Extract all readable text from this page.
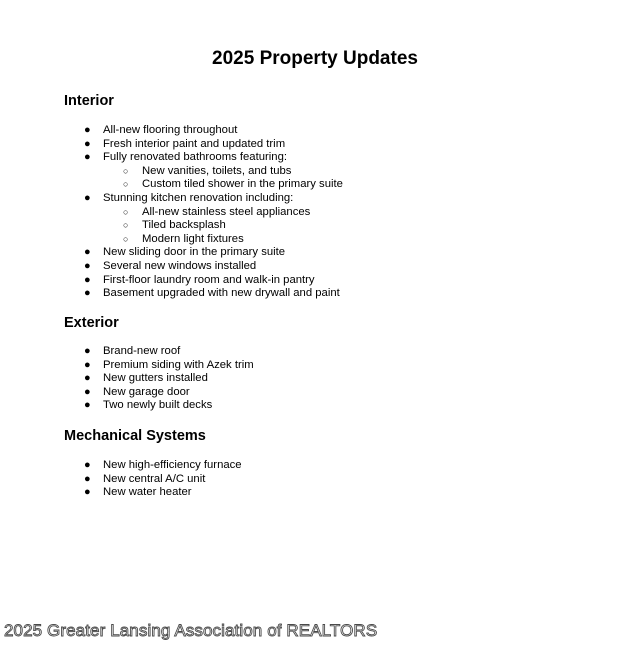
2025 Property Updates
Interior
● All-new flooring throughout
● Fresh interior paint and updated trim
● Fully renovated bathrooms featuring:
○	New vanities, toilets, and tubs
○	Custom tiled shower in the primary suite
● Stunning kitchen renovation including:
○	All-new stainless steel appliances
○	Tiled backsplash
○	Modern light fixtures
● New sliding door in the primary suite
● Several new windows installed
● First-floor laundry room and walk-in pantry
● Basement upgraded with new drywall and paint
Exterior
● Brand-new roof
● Premium siding with Azek trim
● New gutters installed
● New garage door
● Two newly built decks
Mechanical Systems
● New high-efficiency furnace
● New central A/C unit
● New water heater
2025 Greater Lansing Association of REALTORS
